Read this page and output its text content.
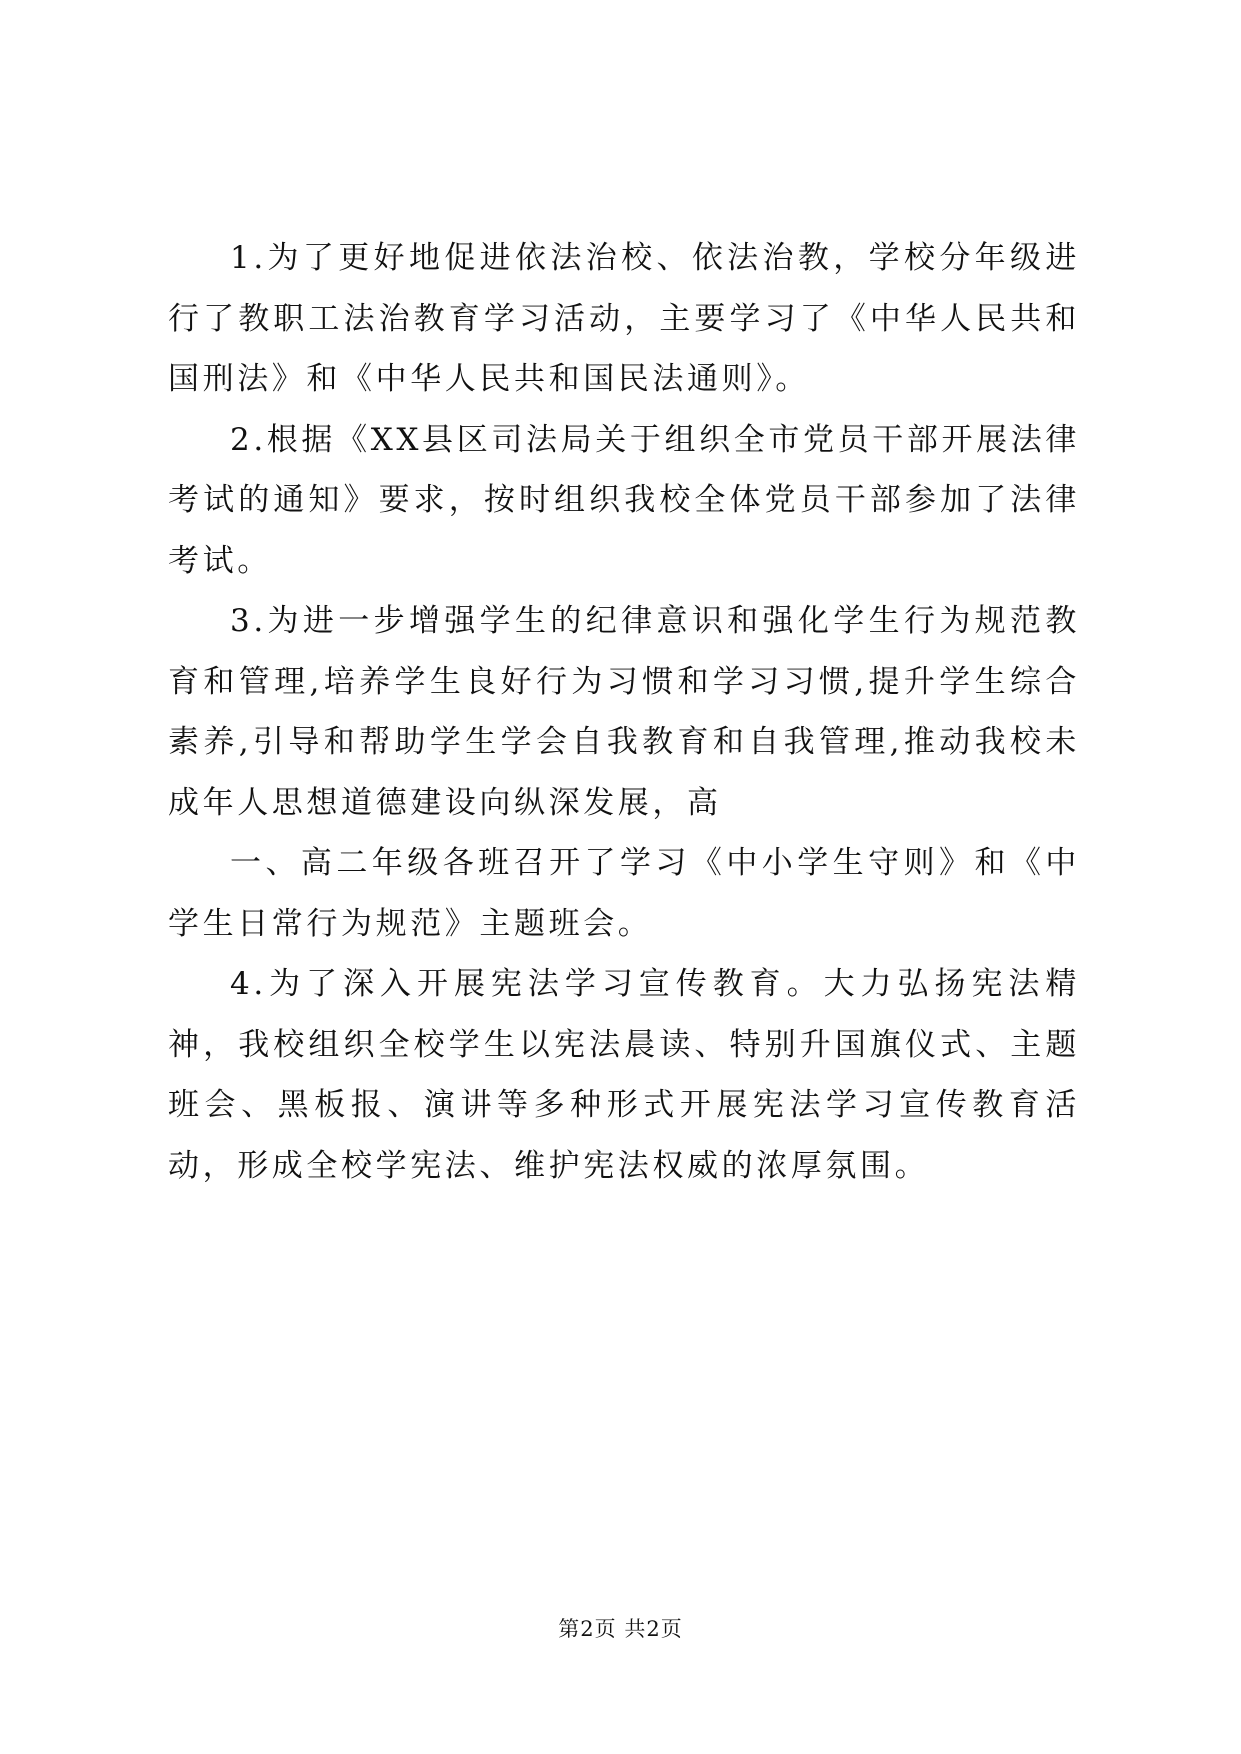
1.为了更好地促进依法治校、依法治教，学校分年级进行了教职工法治教育学习活动，主要学习了《中华人民共和国刑法》和《中华人民共和国民法通则》。

2.根据《XX县区司法局关于组织全市党员干部开展法律考试的通知》要求，按时组织我校全体党员干部参加了法律考试。

3.为进一步增强学生的纪律意识和强化学生行为规范教育和管理,培养学生良好行为习惯和学习习惯,提升学生综合素养,引导和帮助学生学会自我教育和自我管理,推动我校未成年人思想道德建设向纵深发展，高

一、高二年级各班召开了学习《中小学生守则》和《中学生日常行为规范》主题班会。

4.为了深入开展宪法学习宣传教育。大力弘扬宪法精神，我校组织全校学生以宪法晨读、特别升国旗仪式、主题班会、黑板报、演讲等多种形式开展宪法学习宣传教育活动，形成全校学宪法、维护宪法权威的浓厚氛围。

第2页 共2页
